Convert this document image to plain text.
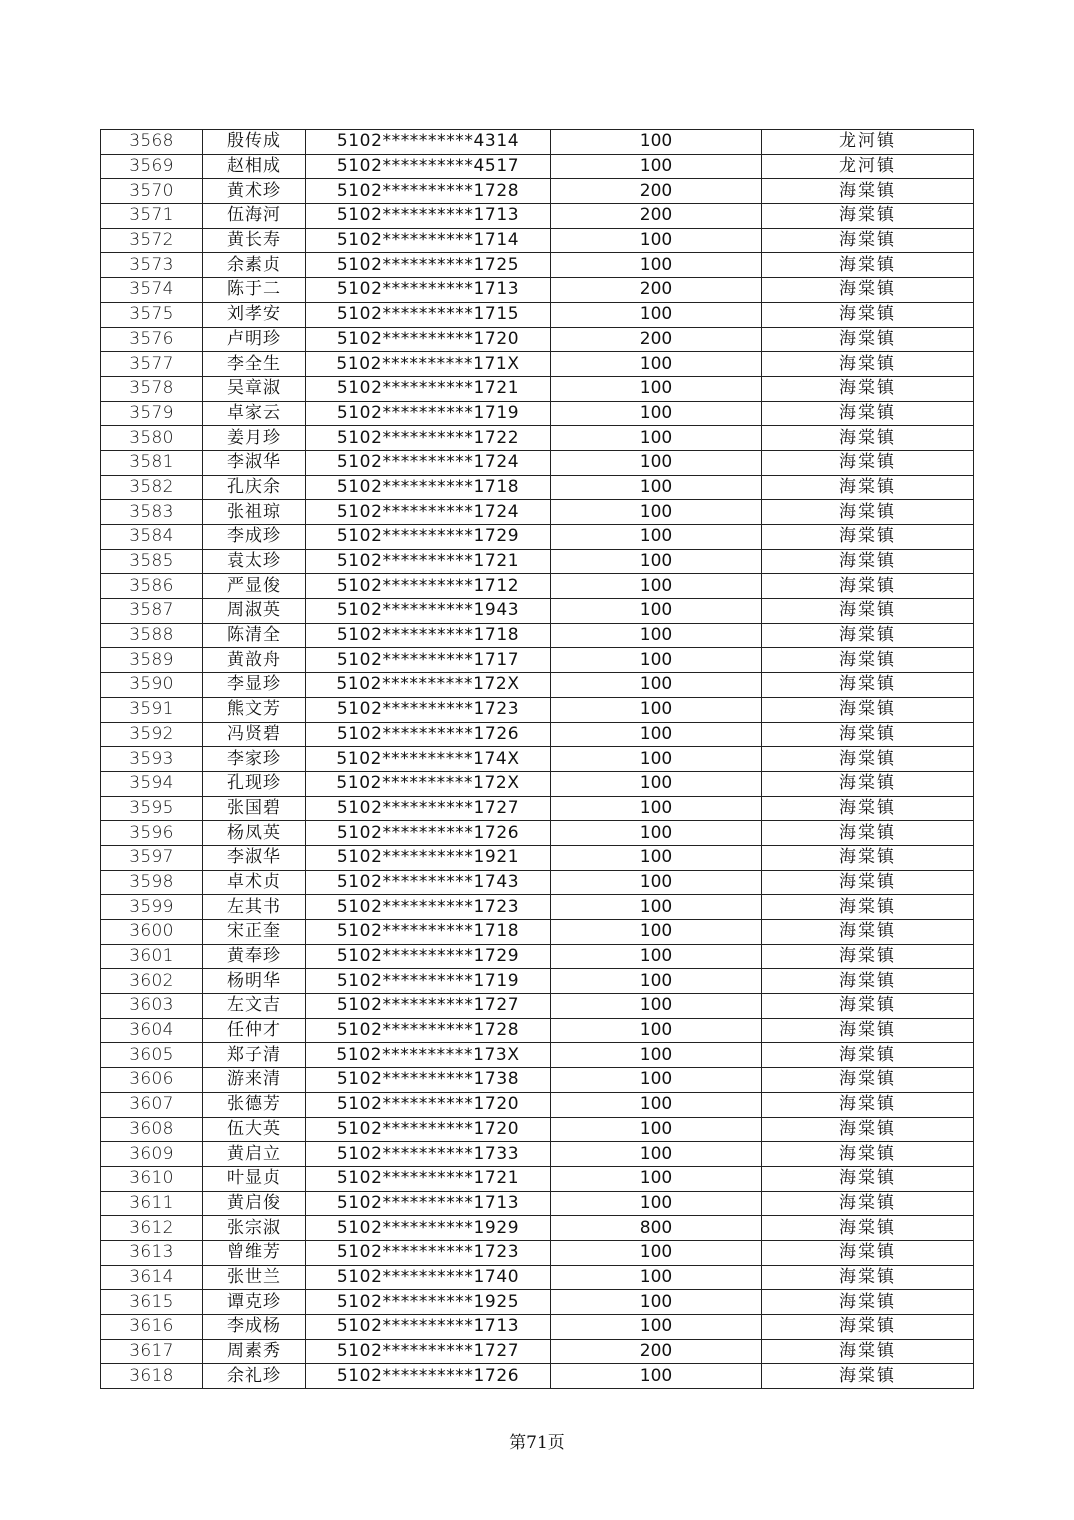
3568	殷传成	5102**********4314	100	龙河镇
3569	赵相成	5102**********4517	100	龙河镇
3570	黄术珍	5102**********1728	200	海棠镇
3571	伍海河	5102**********1713	200	海棠镇
3572	黄长寿	5102**********1714	100	海棠镇
3573	余素贞	5102**********1725	100	海棠镇
3574	陈于二	5102**********1713	200	海棠镇
3575	刘孝安	5102**********1715	100	海棠镇
3576	卢明珍	5102**********1720	200	海棠镇
3577	李全生	5102**********171X	100	海棠镇
3578	吴章淑	5102**********1721	100	海棠镇
3579	卓家云	5102**********1719	100	海棠镇
3580	姜月珍	5102**********1722	100	海棠镇
3581	李淑华	5102**********1724	100	海棠镇
3582	孔庆余	5102**********1718	100	海棠镇
3583	张祖琼	5102**********1724	100	海棠镇
3584	李成珍	5102**********1729	100	海棠镇
3585	袁太珍	5102**********1721	100	海棠镇
3586	严显俊	5102**********1712	100	海棠镇
3587	周淑英	5102**********1943	100	海棠镇
3588	陈清全	5102**********1718	100	海棠镇
3589	黄敨舟	5102**********1717	100	海棠镇
3590	李显珍	5102**********172X	100	海棠镇
3591	熊文芳	5102**********1723	100	海棠镇
3592	冯贤碧	5102**********1726	100	海棠镇
3593	李家珍	5102**********174X	100	海棠镇
3594	孔现珍	5102**********172X	100	海棠镇
3595	张国碧	5102**********1727	100	海棠镇
3596	杨凤英	5102**********1726	100	海棠镇
3597	李淑华	5102**********1921	100	海棠镇
3598	卓术贞	5102**********1743	100	海棠镇
3599	左其书	5102**********1723	100	海棠镇
3600	宋正奎	5102**********1718	100	海棠镇
3601	黄奉珍	5102**********1729	100	海棠镇
3602	杨明华	5102**********1719	100	海棠镇
3603	左文吉	5102**********1727	100	海棠镇
3604	任仲才	5102**********1728	100	海棠镇
3605	郑子清	5102**********173X	100	海棠镇
3606	游来清	5102**********1738	100	海棠镇
3607	张德芳	5102**********1720	100	海棠镇
3608	伍大英	5102**********1720	100	海棠镇
3609	黄启立	5102**********1733	100	海棠镇
3610	叶显贞	5102**********1721	100	海棠镇
3611	黄启俊	5102**********1713	100	海棠镇
3612	张宗淑	5102**********1929	800	海棠镇
3613	曾维芳	5102**********1723	100	海棠镇
3614	张世兰	5102**********1740	100	海棠镇
3615	谭克珍	5102**********1925	100	海棠镇
3616	李成杨	5102**********1713	100	海棠镇
3617	周素秀	5102**********1727	200	海棠镇
3618	余礼珍	5102**********1726	100	海棠镇
第71页
